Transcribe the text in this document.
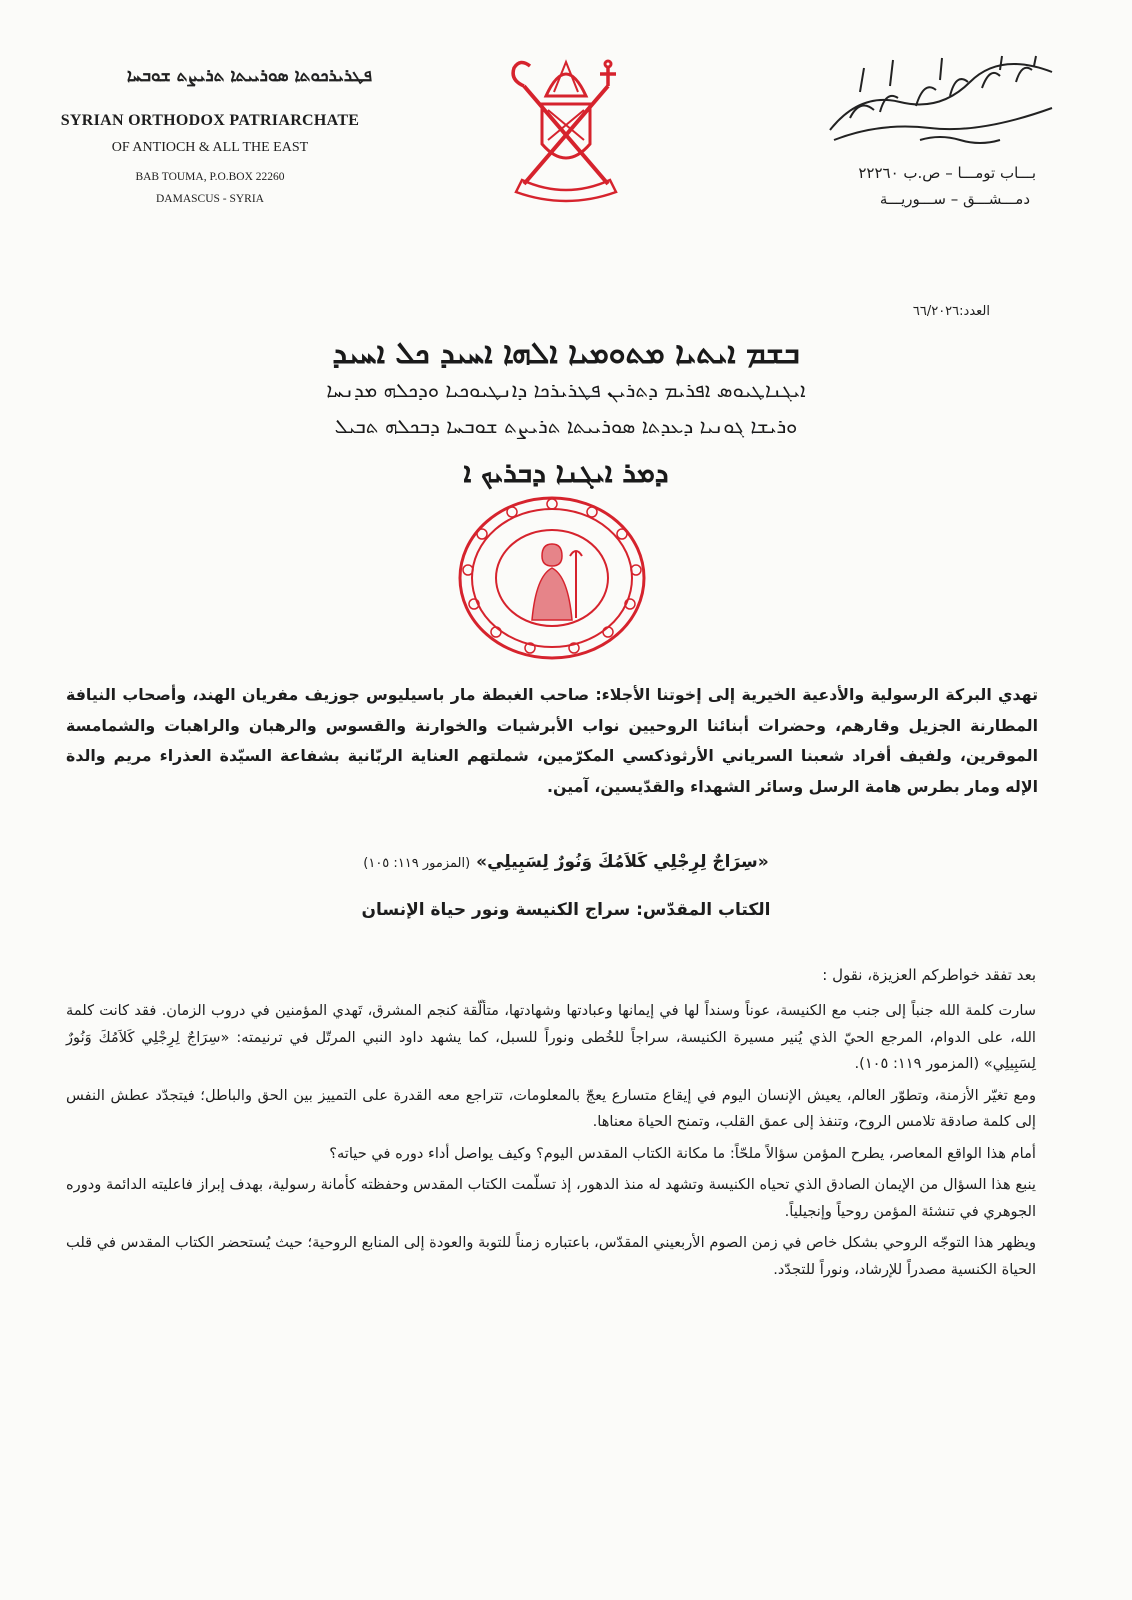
ܦܛܪܝܪܟܘܬܐ ܣܘܪܝܝܬܐ ܬܪܝܨܬ ܫܘܒܚܐ
SYRIAN ORTHODOX PATRIARCHATE
OF ANTIOCH & ALL THE EAST
BAB TOUMA, P.O.BOX 22260
DAMASCUS - SYRIA
بـــاب تومـــا – ص.ب ٢٢٢٦٠
دمـــشـــق – ســـوريـــة
العدد:٦٦/٢٠٢٦
ܒܫܡ ܐܝܬܝܐ ܡܬܘܡܝܐ ܐܠܗܐ ܐܚܝܕ ܟܠ ܐܚܝܕ
ܐܝܓܢܐܛܝܘܣ ܐܦܪܝܡ ܕܬܪܝܢ ܦܛܪܝܪܟܐ ܕܐܢܛܝܘܟܝܐ ܘܕܟܠܗ ܡܕܢܚܐ
ܘܪܝܫܐ ܓܘܢܝܐ ܕܥܕܬܐ ܣܘܪܝܝܬܐ ܬܪܝܨܬ ܫܘܒܚܐ ܕܒܟܠܗ ܬܒܝܠ
ܕܡܪ ܐܝܓܢܐ ܕܒܪܝܟ ܐ
تهدي البركة الرسولية والأدعية الخيرية إلى إخوتنا الأجلاء: صاحب الغبطة مار باسيليوس جوزيف مفريان الهند، وأصحاب النيافة المطارنة الجزيل وقارهم، وحضرات أبنائنا الروحيين نواب الأبرشيات والخوارنة والقسوس والرهبان والراهبات والشمامسة الموقرين، ولفيف أفراد شعبنا السرياني الأرثوذكسي المكرّمين، شملتهم العناية الربّانية بشفاعة السيّدة العذراء مريم والدة الإله ومار بطرس هامة الرسل وسائر الشهداء والقدّيسين، آمين.
«سِرَاجٌ لِرِجْلِي كَلاَمُكَ وَنُورٌ لِسَبِيلِي» (المزمور ١١٩: ١٠٥)
الكتاب المقدّس: سراج الكنيسة ونور حياة الإنسان
بعد تفقد خواطركم العزيزة، نقول :

سارت كلمة الله جنباً إلى جنب مع الكنيسة، عوناً وسنداً لها في إيمانها وعبادتها وشهادتها، متألّقة كنجم المشرق، تَهدي المؤمنين في دروب الزمان. فقد كانت كلمة الله، على الدوام، المرجع الحيّ الذي يُنير مسيرة الكنيسة، سراجاً للخُطى ونوراً للسبل، كما يشهد داود النبي المرتّل في ترنيمته: «سِرَاجٌ لِرِجْلِي كَلاَمُكَ وَنُورٌ لِسَبِيلِي» (المزمور ١١٩: ١٠٥).

ومع تغيّر الأزمنة، وتطوّر العالم، يعيش الإنسان اليوم في إيقاع متسارع يعجّ بالمعلومات، تتراجع معه القدرة على التمييز بين الحق والباطل؛ فيتجدّد عطش النفس إلى كلمة صادقة تلامس الروح، وتنفذ إلى عمق القلب، وتمنح الحياة معناها.

أمام هذا الواقع المعاصر، يطرح المؤمن سؤالاً ملحّاً: ما مكانة الكتاب المقدس اليوم؟ وكيف يواصل أداء دوره في حياته؟

ينبع هذا السؤال من الإيمان الصادق الذي تحياه الكنيسة وتشهد له منذ الدهور، إذ تسلّمت الكتاب المقدس وحفظته كأمانة رسولية، بهدف إبراز فاعليته الدائمة ودوره الجوهري في تنشئة المؤمن روحياً وإنجيلياً.

ويظهر هذا التوجّه الروحي بشكل خاص في زمن الصوم الأربعيني المقدّس، باعتباره زمناً للتوبة والعودة إلى المنابع الروحية؛ حيث يُستحضر الكتاب المقدس في قلب الحياة الكنسية مصدراً للإرشاد، ونوراً للتجدّد.
